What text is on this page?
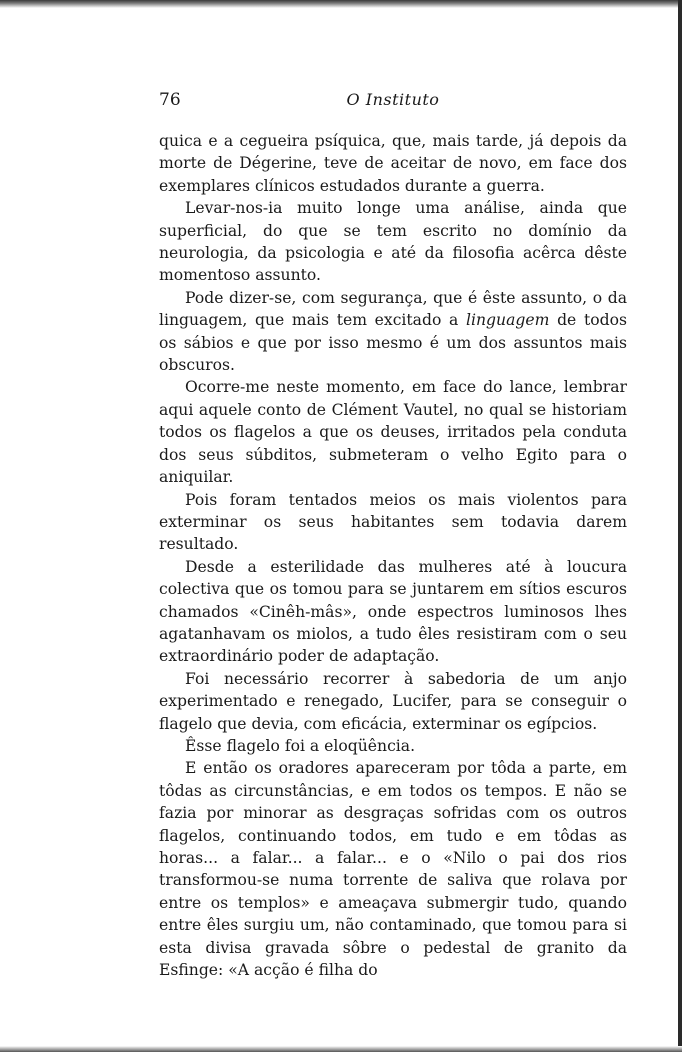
76	O Instituto

quica e a cegueira psíquica, que, mais tarde, já depois da morte de Dégerine, teve de aceitar de novo, em face dos exemplares clínicos estudados durante a guerra.

Levar-nos-ia muito longe uma análise, ainda que superficial, do que se tem escrito no domínio da neurologia, da psicologia e até da filosofia acêrca dêste momentoso assunto.

Pode dizer-se, com segurança, que é êste assunto, o da linguagem, que mais tem excitado a linguagem de todos os sábios e que por isso mesmo é um dos assuntos mais obscuros.

Ocorre-me neste momento, em face do lance, lembrar aqui aquele conto de Clément Vautel, no qual se historiam todos os flagelos a que os deuses, irritados pela conduta dos seus súbditos, submeteram o velho Egito para o aniquilar.

Pois foram tentados meios os mais violentos para exterminar os seus habitantes sem todavia darem resultado.

Desde a esterilidade das mulheres até à loucura colectiva que os tomou para se juntarem em sítios escuros chamados «Cinêh-mâs», onde espectros luminosos lhes agatanhavam os miolos, a tudo êles resistiram com o seu extraordinário poder de adaptação.

Foi necessário recorrer à sabedoria de um anjo experimentado e renegado, Lucifer, para se conseguir o flagelo que devia, com eficácia, exterminar os egípcios.

Êsse flagelo foi a eloqüência.

E então os oradores apareceram por tôda a parte, em tôdas as circunstâncias, e em todos os tempos. E não se fazia por minorar as desgraças sofridas com os outros flagelos, continuando todos, em tudo e em tôdas as horas... a falar... a falar... e o «Nilo o pai dos rios transformou-se numa torrente de saliva que rolava por entre os templos» e ameaçava submergir tudo, quando entre êles surgiu um, não contaminado, que tomou para si esta divisa gravada sôbre o pedestal de granito da Esfinge: «A acção é filha do
